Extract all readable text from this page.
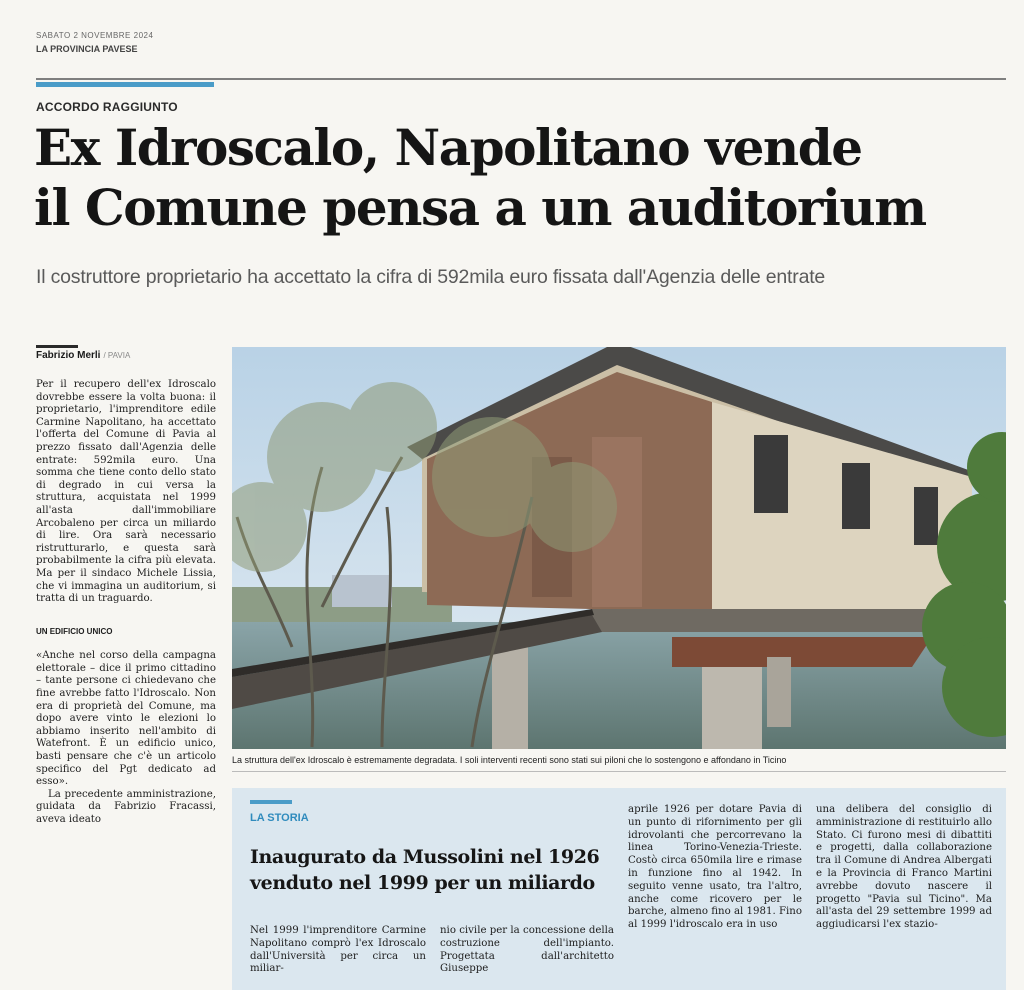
SABATO 2 NOVEMBRE 2024
LA PROVINCIA PAVESE
ACCORDO RAGGIUNTO
Ex Idroscalo, Napolitano vende
il Comune pensa a un auditorium
Il costruttore proprietario ha accettato la cifra di 592mila euro fissata dall'Agenzia delle entrate
Fabrizio Merli / PAVIA

Per il recupero dell'ex Idroscalo dovrebbe essere la volta buona: il proprietario, l'imprenditore edile Carmine Napolitano, ha accettato l'offerta del Comune di Pavia al prezzo fissato dall'Agenzia delle entrate: 592mila euro. Una somma che tiene conto dello stato di degrado in cui versa la struttura, acquistata nel 1999 all'asta dall'immobiliare Arcobaleno per circa un miliardo di lire. Ora sarà necessario ristrutturarlo, e questa sarà probabilmente la cifra più elevata. Ma per il sindaco Michele Lissia, che vi immagina un auditorium, si tratta di un traguardo.

UN EDIFICIO UNICO

«Anche nel corso della campagna elettorale – dice il primo cittadino – tante persone ci chiedevano che fine avrebbe fatto l'Idroscalo. Non era di proprietà del Comune, ma dopo avere vinto le elezioni lo abbiamo inserito nell'ambito di Watefront. È un edificio unico, basti pensare che c'è un articolo specifico del Pgt dedicato ad esso».

La precedente amministrazione, guidata da Fabrizio Fracassi, aveva ideato

La struttura dell'ex Idroscalo è estremamente degradata. I soli interventi recenti sono stati sui piloni che lo sostengono e affondano in Ticino
LA STORIA
Inaugurato da Mussolini nel 1926 venduto nel 1999 per un miliardo
Nel 1999 l'imprenditore Carmine Napolitano comprò l'ex Idroscalo dall'Università per circa un miliar-
nio civile per la concessione della costruzione dell'impianto. Progettata dall'architetto Giuseppe
aprile 1926 per dotare Pavia di un punto di rifornimento per gli idrovolanti che percorrevano la linea Torino-Venezia-Trieste. Costò circa 650mila lire e rimase in funzione fino al 1942. In seguito venne usato, tra l'altro, anche come ricovero per le barche, almeno fino al 1981. Fino al 1999 l'idroscalo era in uso
una delibera del consiglio di amministrazione di restituirlo allo Stato. Ci furono mesi di dibattiti e progetti, dalla collaborazione tra il Comune di Andrea Albergati e la Provincia di Franco Martini avrebbe dovuto nascere il progetto "Pavia sul Ticino". Ma all'asta del 29 settembre 1999 ad aggiudicarsi l'ex stazio-
